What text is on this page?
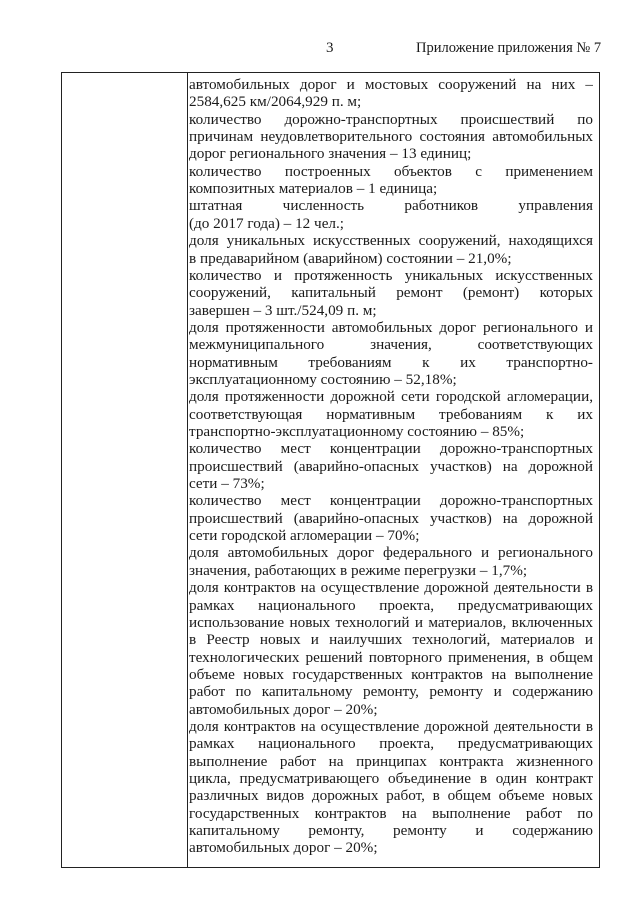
3	Приложение приложения № 7
автомобильных дорог и мостовых сооружений на них –
2584,625 км/2064,929 п. м;
количество дорожно-транспортных происшествий по
причинам неудовлетворительного состояния автомобильных
дорог регионального значения – 13 единиц;
количество построенных объектов с применением
композитных материалов – 1 единица;
штатная численность работников управления
(до 2017 года) – 12 чел.;
доля уникальных искусственных сооружений, находящихся
в предаварийном (аварийном) состоянии – 21,0%;
количество и протяженность уникальных искусственных
сооружений, капитальный ремонт (ремонт) которых
завершен – 3 шт./524,09 п. м;
доля протяженности автомобильных дорог регионального и
межмуниципального значения, соответствующих
нормативным требованиям к их транспортно-
эксплуатационному состоянию – 52,18%;
доля протяженности дорожной сети городской агломерации,
соответствующая нормативным требованиям к их
транспортно-эксплуатационному состоянию – 85%;
количество мест концентрации дорожно-транспортных
происшествий (аварийно-опасных участков) на дорожной
сети – 73%;
количество мест концентрации дорожно-транспортных
происшествий (аварийно-опасных участков) на дорожной
сети городской агломерации – 70%;
доля автомобильных дорог федерального и регионального
значения, работающих в режиме перегрузки – 1,7%;
доля контрактов на осуществление дорожной деятельности в
рамках национального проекта, предусматривающих
использование новых технологий и материалов, включенных
в Реестр новых и наилучших технологий, материалов и
технологических решений повторного применения, в общем
объеме новых государственных контрактов на выполнение
работ по капитальному ремонту, ремонту и содержанию
автомобильных дорог – 20%;
доля контрактов на осуществление дорожной деятельности в
рамках национального проекта, предусматривающих
выполнение работ на принципах контракта жизненного
цикла, предусматривающего объединение в один контракт
различных видов дорожных работ, в общем объеме новых
государственных контрактов на выполнение работ по
капитальному ремонту, ремонту и содержанию
автомобильных дорог – 20%;
